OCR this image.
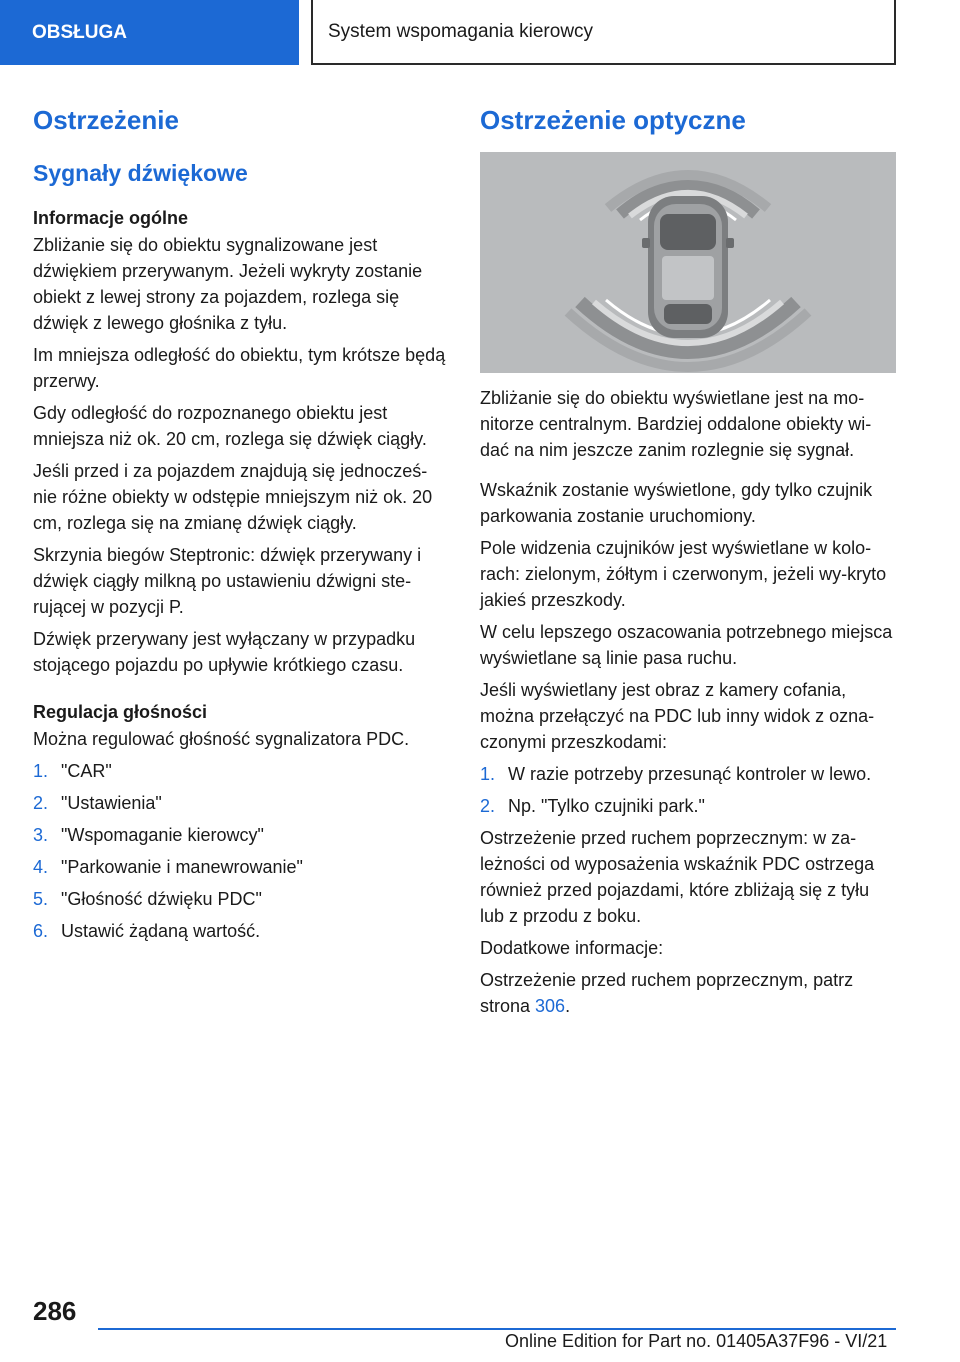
OBSŁUGA	System wspomagania kierowcy
Ostrzeżenie
Sygnały dźwiękowe
Informacje ogólne

Zbliżanie się do obiektu sygnalizowane jest dźwiękiem przerywanym. Jeżeli wykryty zostanie obiekt z lewej strony za pojazdem, rozlega się dźwięk z lewego głośnika z tyłu.

Im mniejsza odległość do obiektu, tym krótsze będą przerwy.

Gdy odległość do rozpoznanego obiektu jest mniejsza niż ok. 20 cm, rozlega się dźwięk ciągły.

Jeśli przed i za pojazdem znajdują się jednocześ-nie różne obiekty w odstępie mniejszym niż ok. 20 cm, rozlega się na zmianę dźwięk ciągły.

Skrzynia biegów Steptronic: dźwięk przerywany i dźwięk ciągły milkną po ustawieniu dźwigni ste-rującej w pozycji P.

Dźwięk przerywany jest wyłączany w przypadku stojącego pojazdu po upływie krótkiego czasu.

Regulacja głośności

Można regulować głośność sygnalizatora PDC.

1. "CAR"
2. "Ustawienia"
3. "Wspomaganie kierowcy"
4. "Parkowanie i manewrowanie"
5. "Głośność dźwięku PDC"
6. Ustawić żądaną wartość.
Ostrzeżenie optyczne

Zbliżanie się do obiektu wyświetlane jest na mo-nitorze centralnym. Bardziej oddalone obiekty wi-dać na nim jeszcze zanim rozlegnie się sygnał.

Wskaźnik zostanie wyświetlone, gdy tylko czujnik parkowania zostanie uruchomiony.

Pole widzenia czujników jest wyświetlane w kolo-rach: zielonym, żółtym i czerwonym, jeżeli wy-kryto jakieś przeszkody.

W celu lepszego oszacowania potrzebnego miejsca wyświetlane są linie pasa ruchu.

Jeśli wyświetlany jest obraz z kamery cofania, można przełączyć na PDC lub inny widok z ozna-czonymi przeszkodami:

1. W razie potrzeby przesunąć kontroler w lewo.
2. Np. "Tylko czujniki park."

Ostrzeżenie przed ruchem poprzecznym: w za-leżności od wyposażenia wskaźnik PDC ostrzega również przed pojazdami, które zbliżają się z tyłu lub z przodu z boku.

Dodatkowe informacje:

Ostrzeżenie przed ruchem poprzecznym, patrz strona 306.

286
Online Edition for Part no. 01405A37F96 - VI/21
